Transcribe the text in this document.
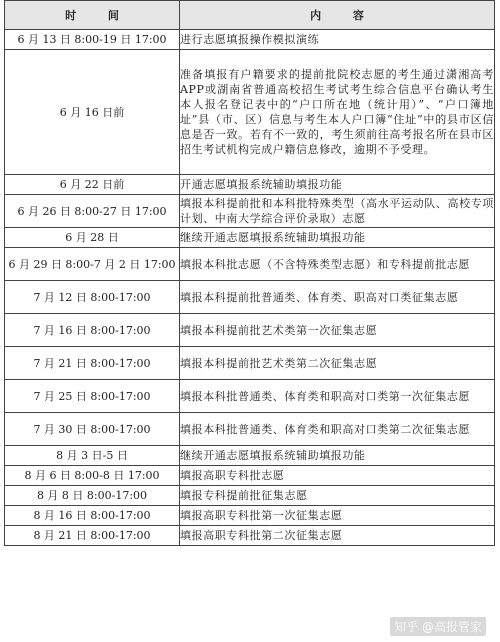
时 间	内 容
6 月 13 日 8:00-19 日 17:00	进行志愿填报操作模拟演练
6 月 16 日前	准备填报有户籍要求的提前批院校志愿的考生通过潇湘高考APP或湖南省普通高校招生考试考生综合信息平台确认考生本人报名登记表中的“户口所在地（统计用）”、“户口簿地址”县（市、区）信息与考生本人户口簿“住址”中的县市区信息是否一致。若有不一致的，考生须前往高考报名所在县市区招生考试机构完成户籍信息修改，逾期不予受理。
6 月 22 日前	开通志愿填报系统辅助填报功能
6 月 26 日 8:00-27 日 17:00	填报本科提前批和本科批特殊类型（高水平运动队、高校专项计划、中南大学综合评价录取）志愿
6 月 28 日	继续开通志愿填报系统辅助填报功能
6 月 29 日 8:00-7 月 2 日 17:00	填报本科批志愿（不含特殊类型志愿）和专科提前批志愿
7 月 12 日 8:00-17:00	填报本科提前批普通类、体育类、职高对口类征集志愿
7 月 16 日 8:00-17:00	填报本科提前批艺术类第一次征集志愿
7 月 21 日 8:00-17:00	填报本科提前批艺术类第二次征集志愿
7 月 25 日 8:00-17:00	填报本科批普通类、体育类和职高对口类第一次征集志愿
7 月 30 日 8:00-17:00	填报本科批普通类、体育类和职高对口类第二次征集志愿
8 月 3 日-5 日	继续开通志愿填报系统辅助填报功能
8 月 6 日 8:00-8 日 17:00	填报高职专科批志愿
8 月 8 日 8:00-17:00	填报专科提前批征集志愿
8 月 16 日 8:00-17:00	填报高职专科批第一次征集志愿
8 月 21 日 8:00-17:00	填报高职专科批第二次征集志愿
知乎 @高报管家
